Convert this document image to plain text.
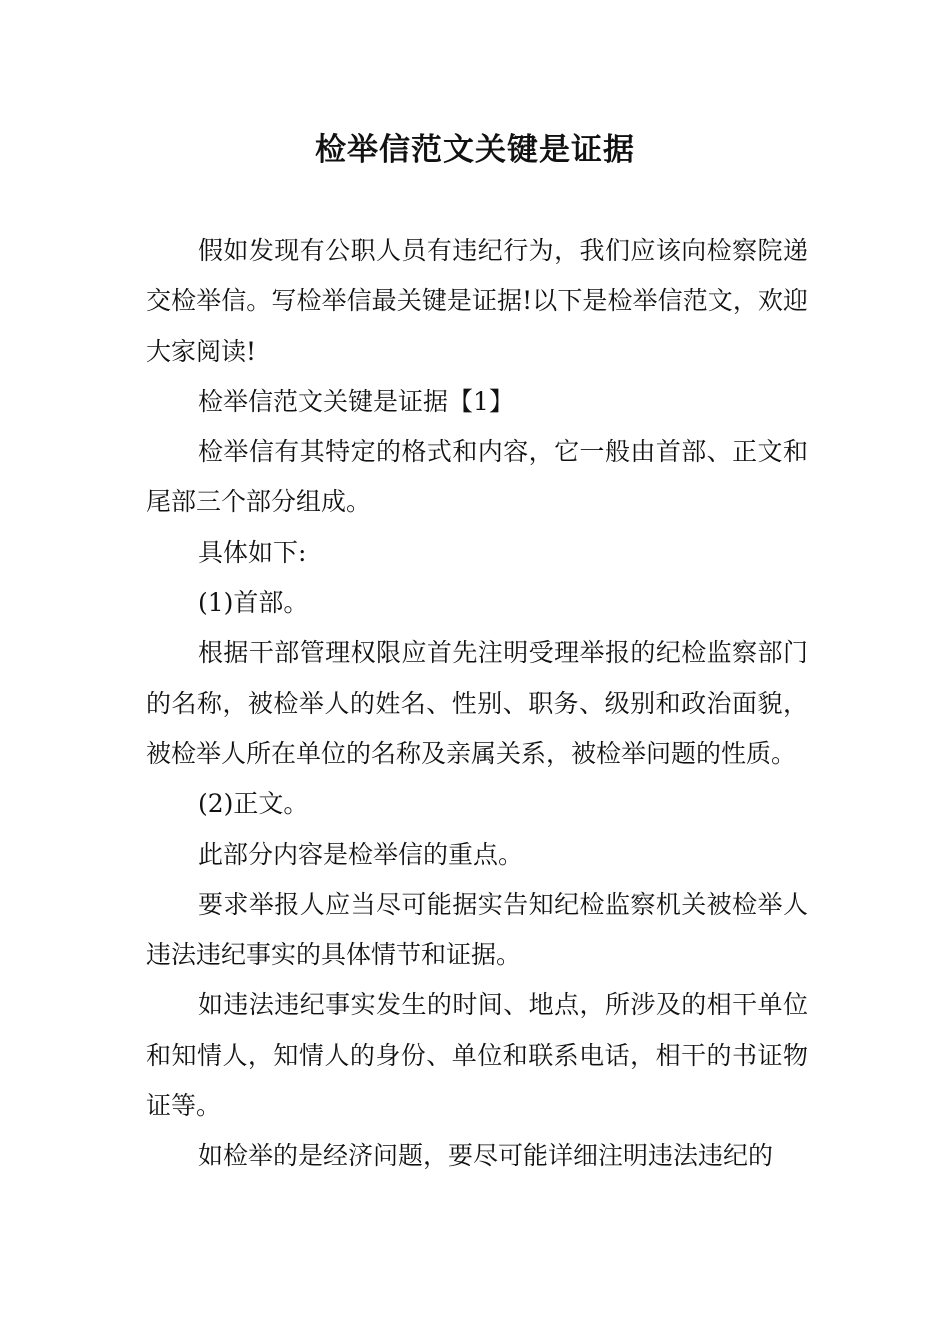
检举信范文关键是证据

假如发现有公职人员有违纪行为，我们应该向检察院递交检举信。写检举信最关键是证据!以下是检举信范文，欢迎大家阅读!

检举信范文关键是证据【1】

检举信有其特定的格式和内容，它一般由首部、正文和尾部三个部分组成。

具体如下:

(1)首部。

根据干部管理权限应首先注明受理举报的纪检监察部门的名称，被检举人的姓名、性别、职务、级别和政治面貌，被检举人所在单位的名称及亲属关系，被检举问题的性质。

(2)正文。

此部分内容是检举信的重点。

要求举报人应当尽可能据实告知纪检监察机关被检举人违法违纪事实的具体情节和证据。

如违法违纪事实发生的时间、地点，所涉及的相干单位和知情人，知情人的身份、单位和联系电话，相干的书证物证等。

如检举的是经济问题，要尽可能详细注明违法违纪的
